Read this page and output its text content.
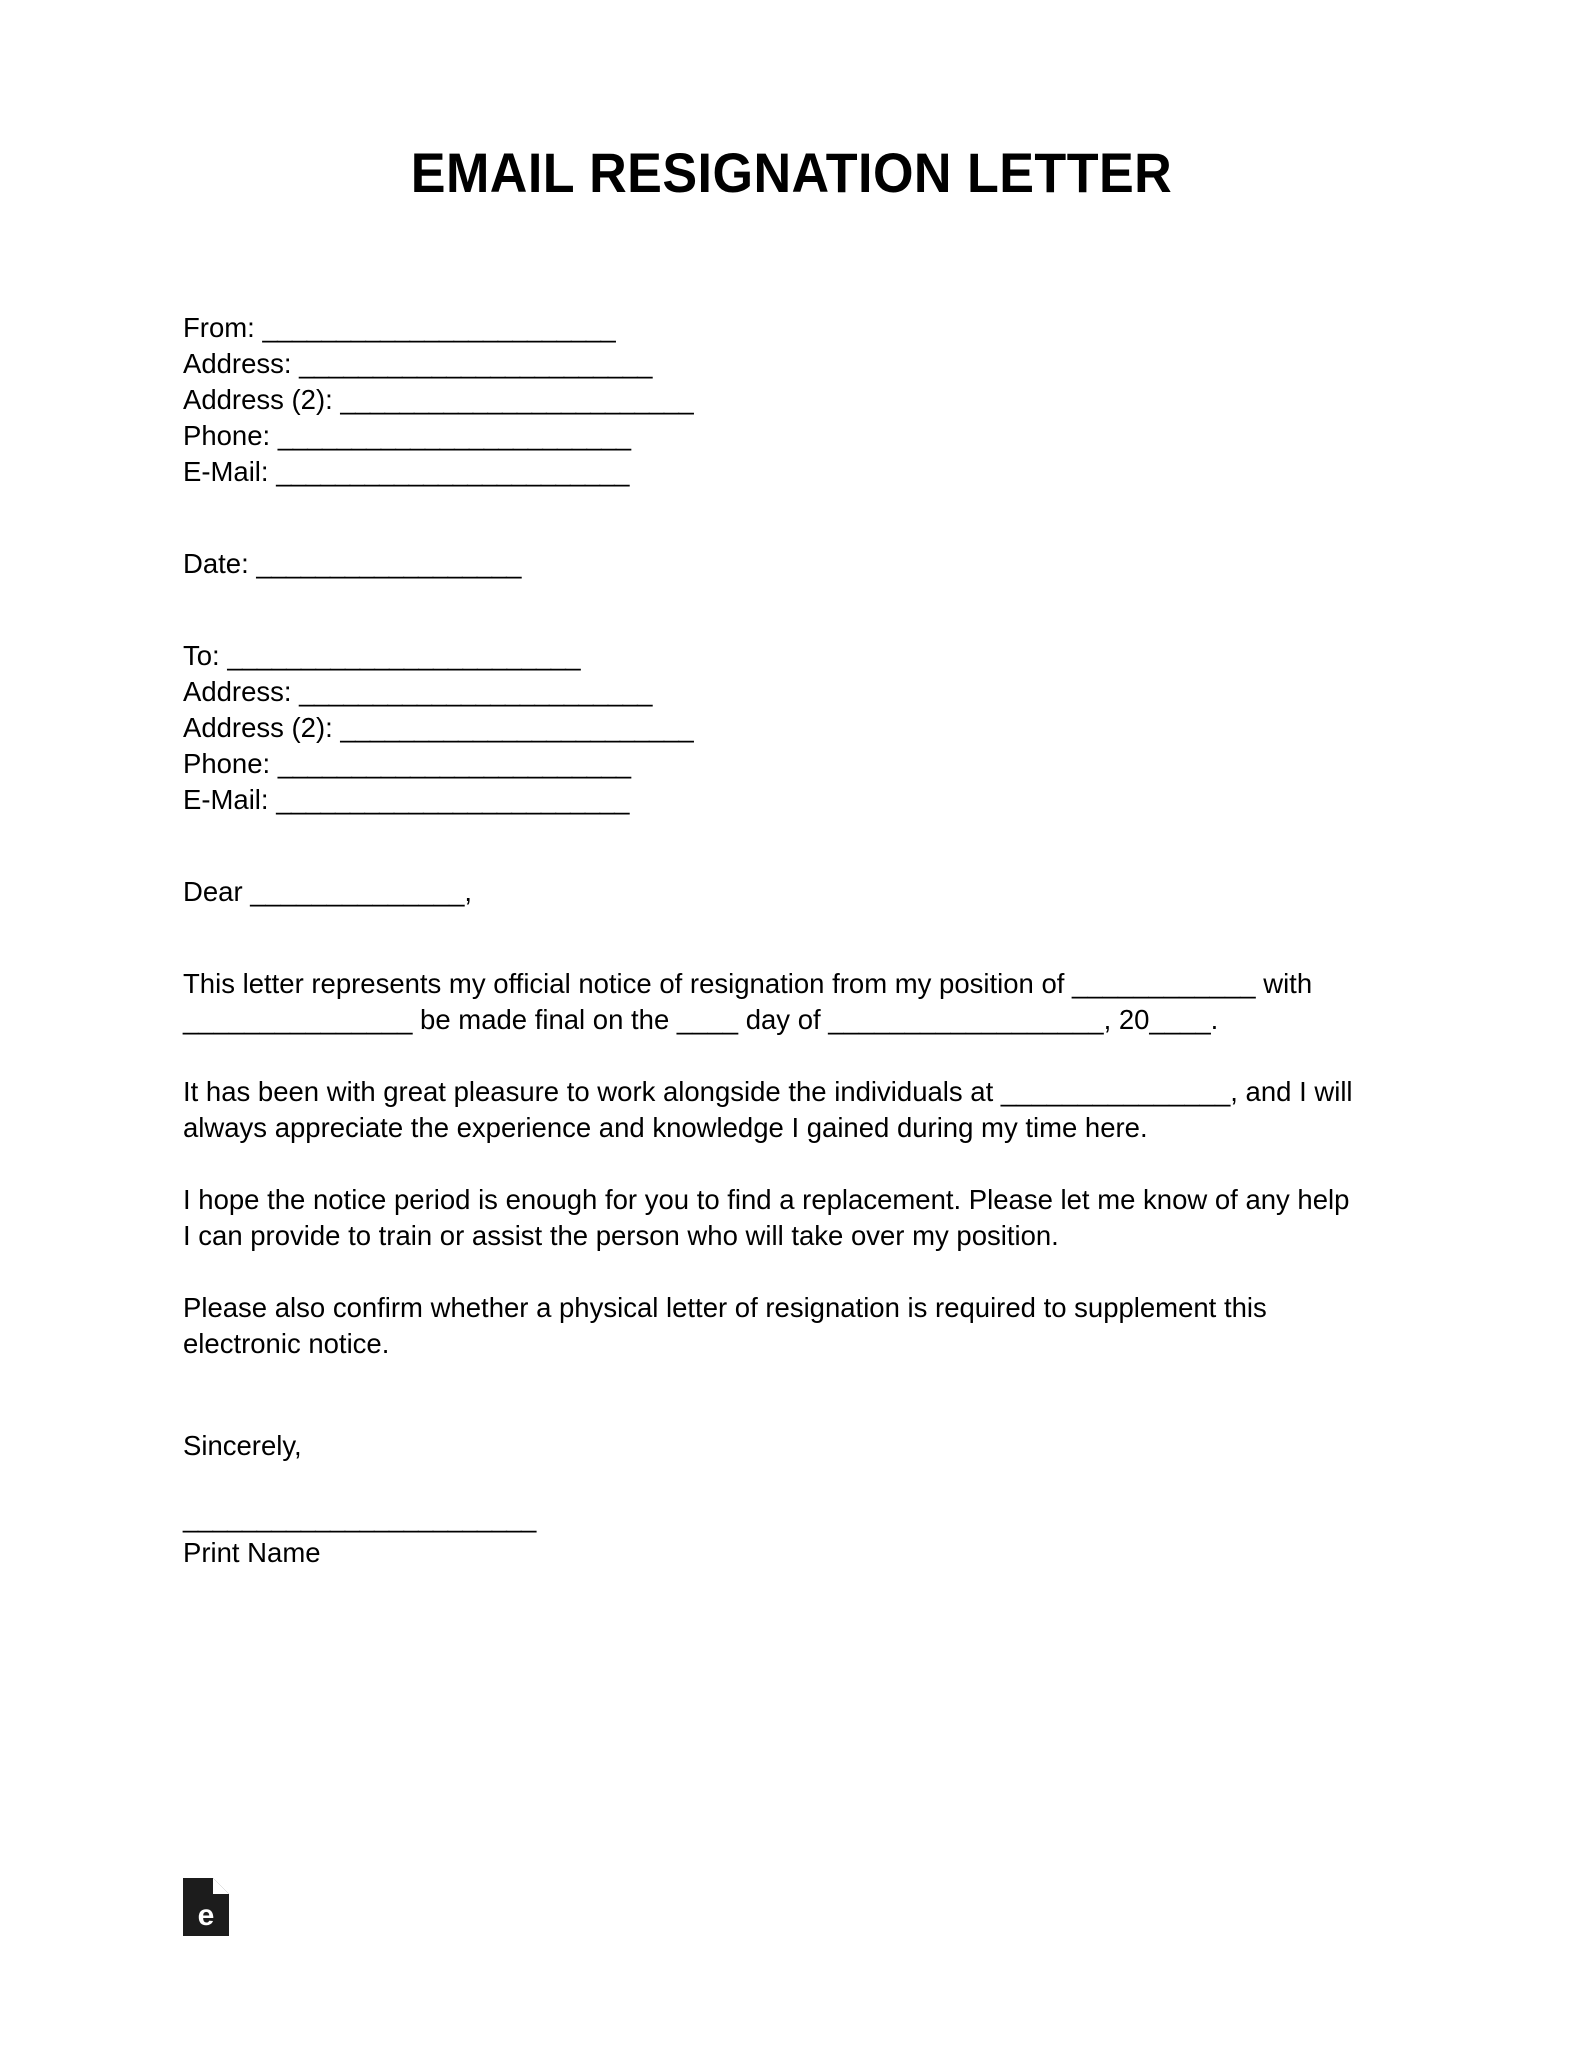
EMAIL RESIGNATION LETTER
From: ________________________
Address: ________________________
Address (2): ________________________
Phone: ________________________
E-Mail: ________________________
Date: __________________
To: ________________________
Address: ________________________
Address (2): ________________________
Phone: ________________________
E-Mail: ________________________
Dear ______________,

This letter represents my official notice of resignation from my position of ____________ with _______________ be made final on the ____ day of __________________, 20____.

It has been with great pleasure to work alongside the individuals at _______________, and I will always appreciate the experience and knowledge I gained during my time here.

I hope the notice period is enough for you to find a replacement. Please let me know of any help I can provide to train or assist the person who will take over my position.

Please also confirm whether a physical letter of resignation is required to supplement this electronic notice.

Sincerely,
________________________
Print Name
e
